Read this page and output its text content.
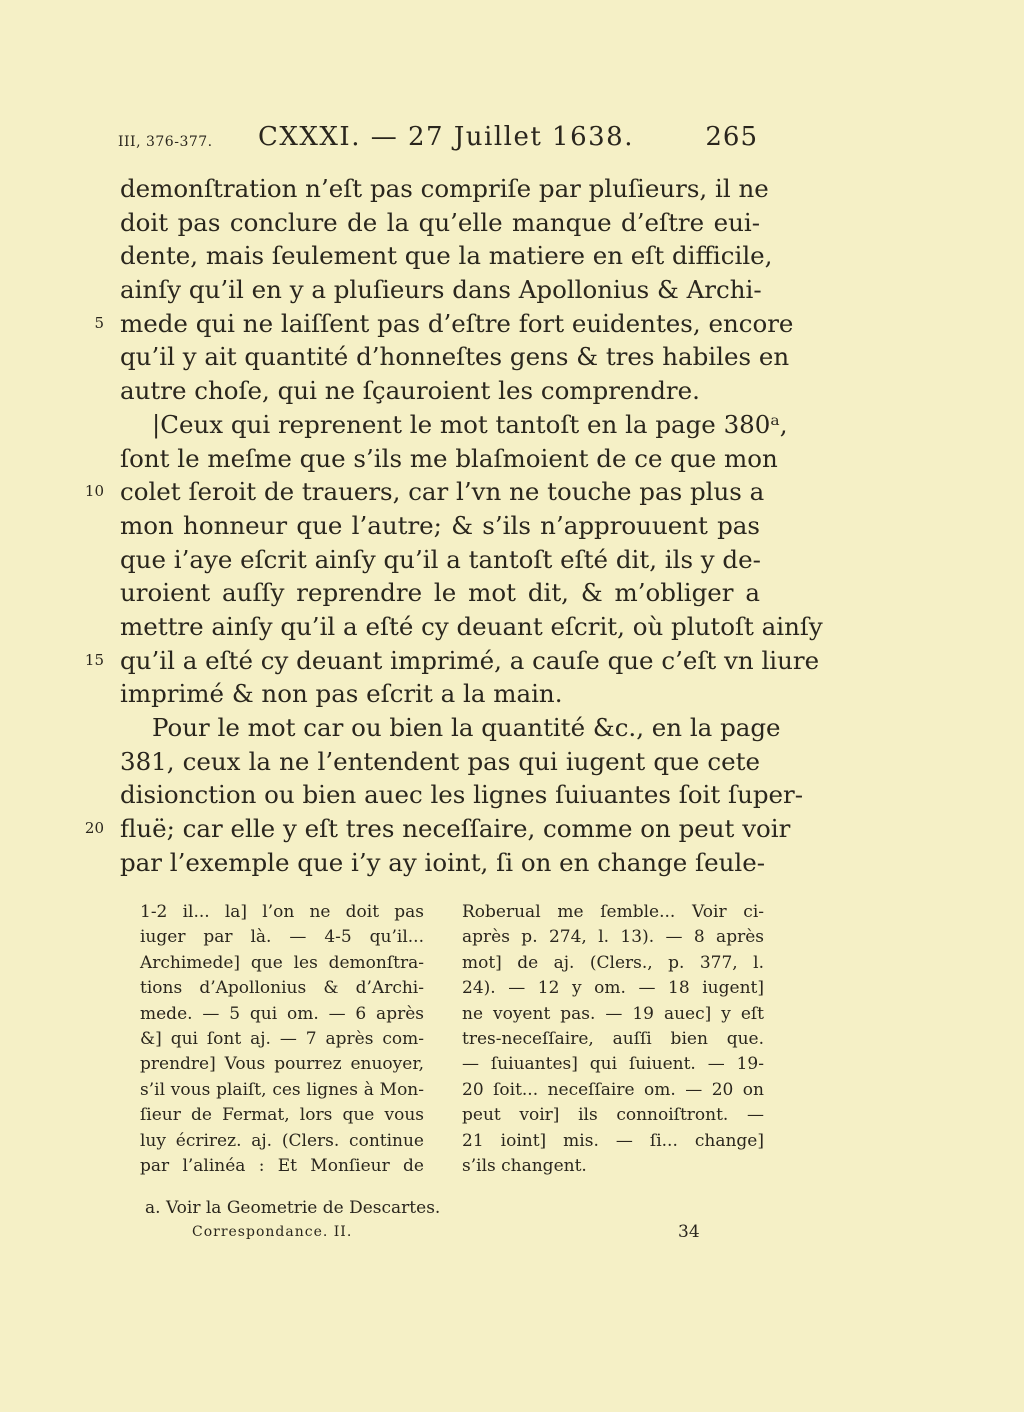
III, 376-377. CXXXI. — 27 Juillet 1638.	265
demonſtration n’eſt pas compriſe par pluſieurs, il ne
doit pas conclure de la qu’elle manque d’eſtre eui-
dente, mais ſeulement que la matiere en eſt difficile,
ainſy qu’il en y a pluſieurs dans Apollonius & Archi-
5 mede qui ne laiſſent pas d’eſtre fort euidentes, encore
qu’il y ait quantité d’honneſtes gens & tres habiles en
autre choſe, qui ne ſçauroient les comprendre.
|Ceux qui reprenent le mot tantoſt en la page 380ᵃ,
ſont le meſme que s’ils me blaſmoient de ce que mon
10 colet ſeroit de trauers, car l’vn ne touche pas plus a
mon honneur que l’autre; & s’ils n’approuuent pas
que i’aye eſcrit ainſy qu’il a tantoſt eſté dit, ils y de-
uroient auſſy reprendre le mot dit, & m’obliger a
mettre ainſy qu’il a eſté cy deuant eſcrit, où plutoſt ainſy
15 qu’il a eſté cy deuant imprimé, a cauſe que c’eſt vn liure
imprimé & non pas eſcrit a la main.
Pour le mot car ou bien la quantité &c., en la page
381, ceux la ne l’entendent pas qui iugent que cete
disionction ou bien auec les lignes ſuiuantes ſoit ſuper-
20 fluë; car elle y eſt tres neceſſaire, comme on peut voir
par l’exemple que i’y ay ioint, ſi on en change ſeule-
1-2 il... la] l’on ne doit pas
iuger par là. — 4-5 qu’il...
Archimede] que les demonſtra-
tions d’Apollonius & d’Archi-
mede. — 5 qui om. — 6 après
&] qui ſont aj. — 7 après com-
prendre] Vous pourrez enuoyer,
s’il vous plaiſt, ces lignes à Mon-
ſieur de Fermat, lors que vous
luy écrirez. aj. (Clers. continue
par l’alinéa : Et Monſieur de
Roberual me ſemble... Voir ci-
après p. 274, l. 13). — 8 après
mot] de aj. (Clers., p. 377, l.
24). — 12 y om. — 18 iugent]
ne voyent pas. — 19 auec] y eſt
tres-neceſſaire, auſſi bien que.
— ſuiuantes] qui ſuiuent. — 19-
20 ſoit... neceſſaire om. — 20 on
peut voir] ils connoiſtront. —
21 ioint] mis. — ſi... change]
s’ils changent.
a. Voir la Geometrie de Descartes.
Correspondance. II.	34
